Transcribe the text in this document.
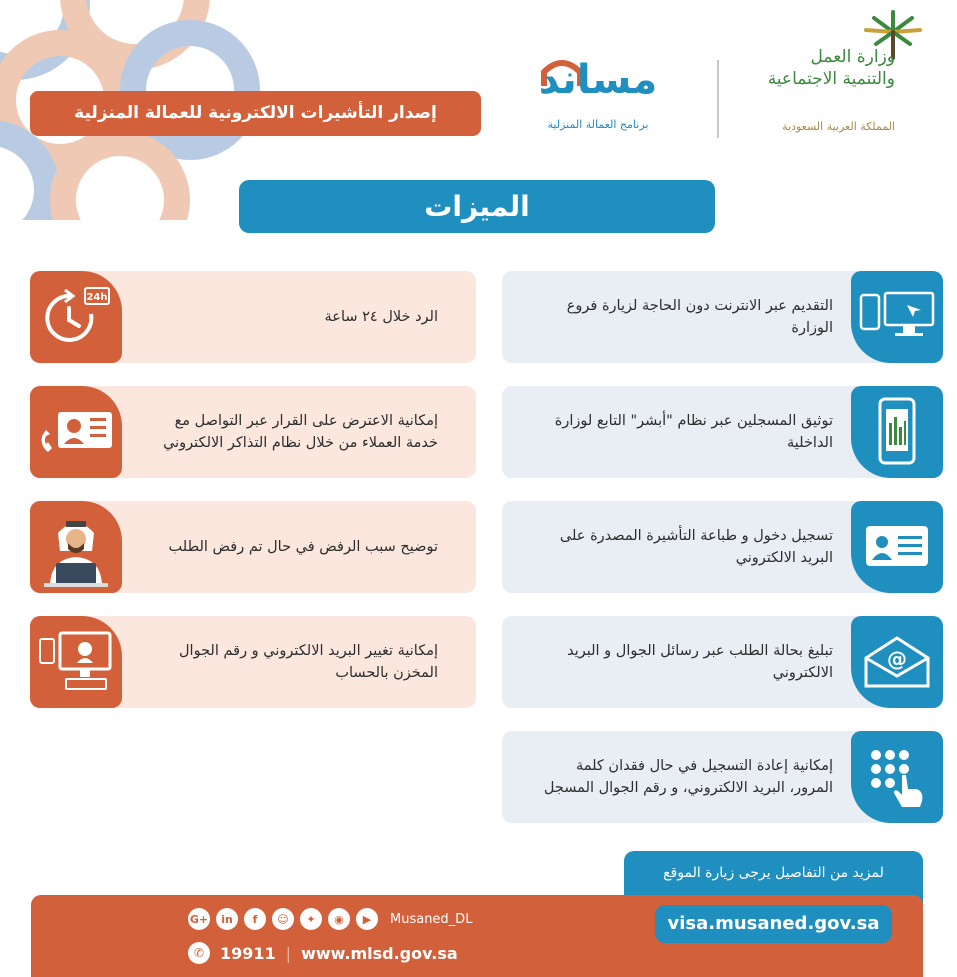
وزارة العمل
والتنمية الاجتماعية
المملكة العربية السعودية
مساند
برنامج العمالة المنزلية
إصدار التأشيرات الالكترونية للعمالة المنزلية
الميزات
التقديم عبر الانترنت دون الحاجة لزيارة فروع الوزارة
توثيق المسجلين عبر نظام "أبشر" التابع لوزارة الداخلية
تسجيل دخول و طباعة التأشيرة المصدرة على البريد الالكتروني
تبليغ بحالة الطلب عبر رسائل الجوال و البريد الالكتروني
@
إمكانية إعادة التسجيل في حال فقدان كلمة المرور، البريد الالكتروني، و رقم الجوال المسجل
الرد خلال ٢٤ ساعة
24h
إمكانية الاعترض على القرار عبر التواصل مع خدمة العملاء من خلال نظام التذاكر الالكتروني
توضيح سبب الرفض في حال تم رفض الطلب
إمكانية تغيير البريد الالكتروني و رقم الجوال المخزن بالحساب
لمزيد من التفاصيل يرجى زيارة الموقع
visa.musaned.gov.sa
G+	in	f	☺	✦	◉	▶	Musaned_DL
✆ 19911 | www.mlsd.gov.sa
